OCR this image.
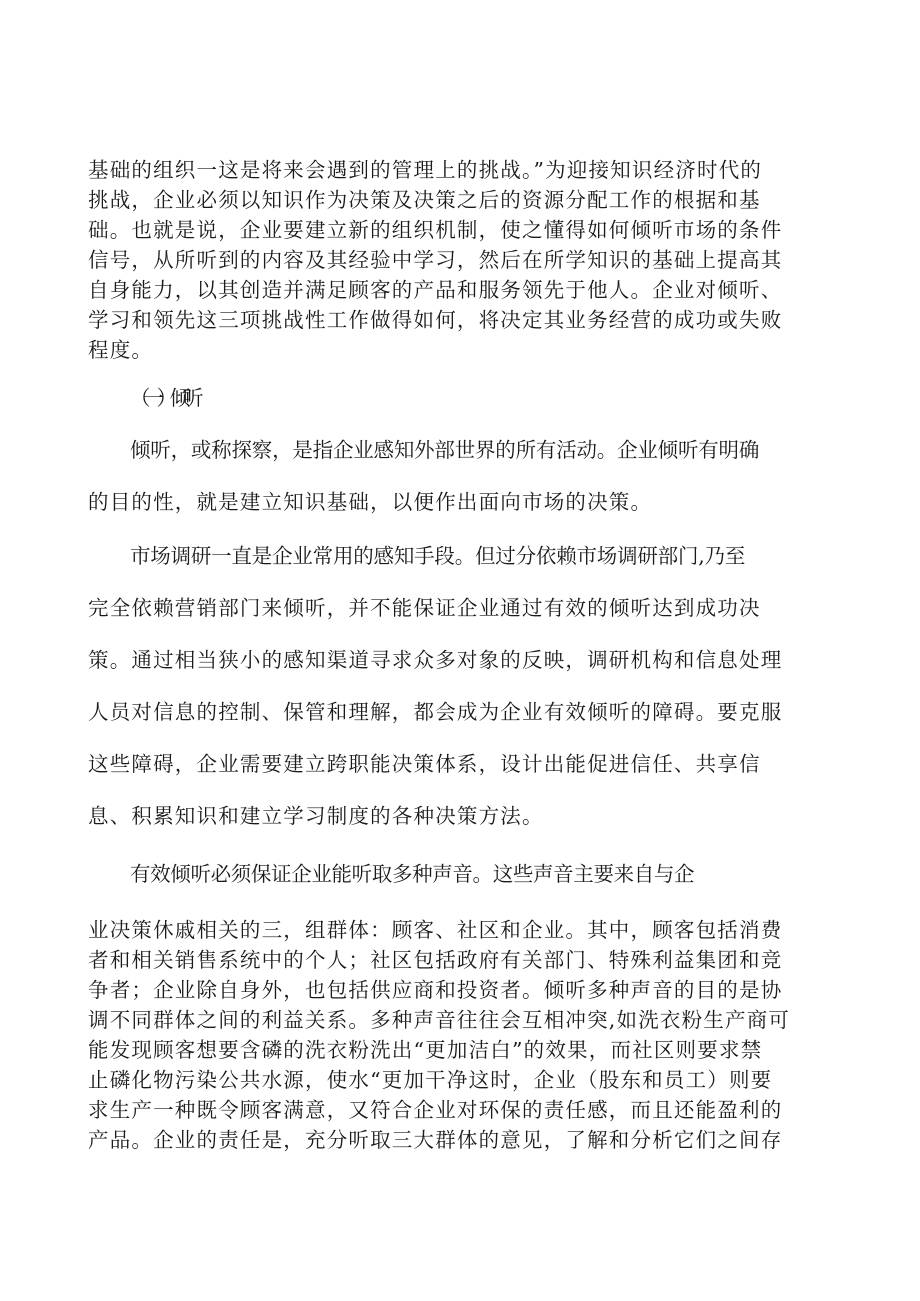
基础的组织一这是将来会遇到的管理上的挑战。”为迎接知识经济时代的
挑战，企业必须以知识作为决策及决策之后的资源分配工作的根据和基
础。也就是说，企业要建立新的组织机制，使之懂得如何倾听市场的条件
信号，从所听到的内容及其经验中学习，然后在所学知识的基础上提高其
自身能力，以其创造并满足顾客的产品和服务领先于他人。企业对倾听、
学习和领先这三项挑战性工作做得如何，将决定其业务经营的成功或失败
程度。
（一）倾听
倾听，或称探察，是指企业感知外部世界的所有活动。企业倾听有明确
的目的性，就是建立知识基础，以便作出面向市场的决策。
市场调研一直是企业常用的感知手段。但过分依赖市场调研部门,乃至
完全依赖营销部门来倾听，并不能保证企业通过有效的倾听达到成功决
策。通过相当狭小的感知渠道寻求众多对象的反映，调研机构和信息处理
人员对信息的控制、保管和理解，都会成为企业有效倾听的障碍。要克服
这些障碍，企业需要建立跨职能决策体系，设计出能促进信任、共享信
息、积累知识和建立学习制度的各种决策方法。
有效倾听必须保证企业能听取多种声音。这些声音主要来自与企
业决策休戚相关的三，组群体：顾客、社区和企业。其中，顾客包括消费
者和相关销售系统中的个人；社区包括政府有关部门、特殊利益集团和竞
争者；企业除自身外，也包括供应商和投资者。倾听多种声音的目的是协
调不同群体之间的利益关系。多种声音往往会互相冲突,如洗衣粉生产商可
能发现顾客想要含磷的洗衣粉洗出“更加洁白”的效果，而社区则要求禁
止磷化物污染公共水源，使水“更加干净这时，企业（股东和员工）则要
求生产一种既令顾客满意，又符合企业对环保的责任感，而且还能盈利的
产品。企业的责任是，充分听取三大群体的意见，了解和分析它们之间存
